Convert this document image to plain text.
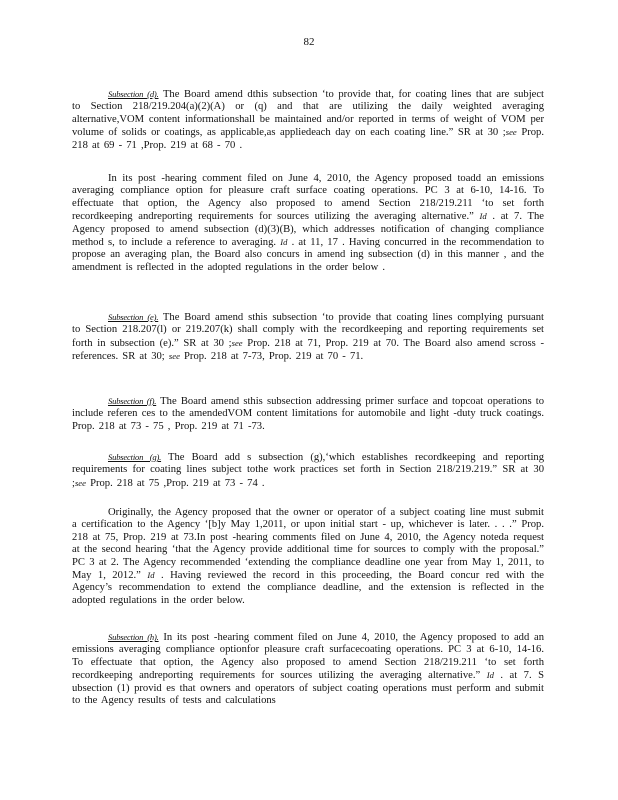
82

Subsection (d). The Board amend dthis subsection ‘to provide that, for coating lines that are subject to Section 218/219.204(a)(2)(A) or (q) and that are utilizing the daily weighted averaging alternative,VOM content informationshall be maintained and/or reported in terms of weight of VOM per volume of solids or coatings, as applicable,as appliedeach day on each coating line.” SR at 30 ;see Prop. 218 at 69 - 71 ,Prop. 219 at 68 - 70 .

In its post -hearing comment filed on June 4, 2010, the Agency proposed toadd an emissions averaging compliance option for pleasure craft surface coating operations. PC 3 at 6-10, 14-16. To effectuate that option, the Agency also proposed to amend Section 218/219.211 ‘to set forth recordkeeping andreporting requirements for sources utilizing the averaging alternative.” Id . at 7. The Agency proposed to amend subsection (d)(3)(B), which addresses notification of changing compliance method s, to include a reference to averaging. Id . at 11, 17 . Having concurred in the recommendation to propose an averaging plan, the Board also concurs in amend ing subsection (d) in this manner , and the amendment is reflected in the adopted regulations in the order below .

Subsection (e). The Board amend sthis subsection ‘to provide that coating lines complying pursuant to Section 218.207(l) or 219.207(k) shall comply with the recordkeeping and reporting requirements set forth in subsection (e).” SR at 30 ;see Prop. 218 at 71, Prop. 219 at 70. The Board also amend scross - references. SR at 30; see Prop. 218 at 7-73, Prop. 219 at 70 - 71.

Subsection (f). The Board amend sthis subsection addressing primer surface and topcoat operations to include referen ces to the amendedVOM content limitations for automobile and light -duty truck coatings. Prop. 218 at 73 - 75 , Prop. 219 at 71 -73.

Subsection (g). The Board add s subsection (g),‘which establishes recordkeeping and reporting requirements for coating lines subject tothe work practices set forth in Section 218/219.219.” SR at 30 ;see Prop. 218 at 75 ,Prop. 219 at 73 - 74 .

Originally, the Agency proposed that the owner or operator of a subject coating line must submit a certification to the Agency ‘[b]y May 1,2011, or upon initial start - up, whichever is later. . . .” Prop. 218 at 75, Prop. 219 at 73.In post -hearing comments filed on June 4, 2010, the Agency noteda request at the second hearing ‘that the Agency provide additional time for sources to comply with the proposal.” PC 3 at 2. The Agency recommended ‘extending the compliance deadline one year from May 1, 2011, to May 1, 2012.” Id . Having reviewed the record in this proceeding, the Board concur red with the Agency’s recommendation to extend the compliance deadline, and the extension is reflected in the adopted regulations in the order below.

Subsection (h). In its post -hearing comment filed on June 4, 2010, the Agency proposed to add an emissions averaging compliance optionfor pleasure craft surfacecoating operations. PC 3 at 6-10, 14-16. To effectuate that option, the Agency also proposed to amend Section 218/219.211 ‘to set forth recordkeeping andreporting requirements for sources utilizing the averaging alternative.” Id . at 7. S ubsection (1) provid es that owners and operators of subject coating operations must perform and submit to the Agency results of tests and calculations
